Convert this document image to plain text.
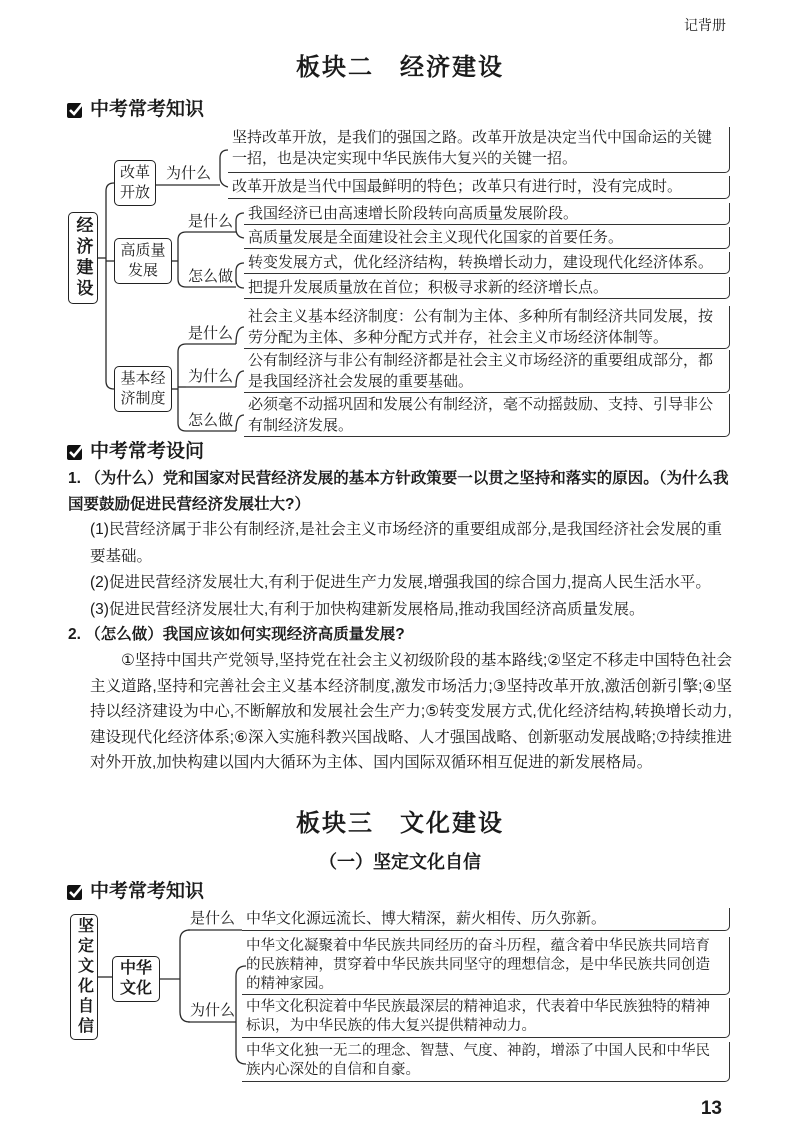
记背册
板块二　经济建设
中考常考知识
经济建设
改革开放
为什么
坚持改革开放，是我们的强国之路。改革开放是决定当代中国命运的关键一招，也是决定实现中华民族伟大复兴的关键一招。
改革开放是当代中国最鲜明的特色；改革只有进行时，没有完成时。
高质量发展
是什么
怎么做
我国经济已由高速增长阶段转向高质量发展阶段。
高质量发展是全面建设社会主义现代化国家的首要任务。
转变发展方式，优化经济结构，转换增长动力，建设现代化经济体系。
把提升发展质量放在首位；积极寻求新的经济增长点。
基本经济制度
是什么
为什么
怎么做
社会主义基本经济制度：公有制为主体、多种所有制经济共同发展，按劳分配为主体、多种分配方式并存，社会主义市场经济体制等。
公有制经济与非公有制经济都是社会主义市场经济的重要组成部分，都是我国经济社会发展的重要基础。
必须毫不动摇巩固和发展公有制经济，毫不动摇鼓励、支持、引导非公有制经济发展。
中考常考设问
1. （为什么）党和国家对民营经济发展的基本方针政策要一以贯之坚持和落实的原因。（为什么我国要鼓励促进民营经济发展壮大?）

(1)民营经济属于非公有制经济,是社会主义市场经济的重要组成部分,是我国经济社会发展的重要基础。

(2)促进民营经济发展壮大,有利于促进生产力发展,增强我国的综合国力,提高人民生活水平。

(3)促进民营经济发展壮大,有利于加快构建新发展格局,推动我国经济高质量发展。

2. （怎么做）我国应该如何实现经济高质量发展?
①坚持中国共产党领导,坚持党在社会主义初级阶段的基本路线;②坚定不移走中国特色社会主义道路,坚持和完善社会主义基本经济制度,激发市场活力;③坚持改革开放,激活创新引擎;④坚持以经济建设为中心,不断解放和发展社会生产力;⑤转变发展方式,优化经济结构,转换增长动力,建设现代化经济体系;⑥深入实施科教兴国战略、人才强国战略、创新驱动发展战略;⑦持续推进对外开放,加快构建以国内大循环为主体、国内国际双循环相互促进的新发展格局。
板块三　文化建设
（一）坚定文化自信
中考常考知识
坚定文化自信	中华文化
是什么
为什么
中华文化源远流长、博大精深，薪火相传、历久弥新。
中华文化凝聚着中华民族共同经历的奋斗历程，蕴含着中华民族共同培育的民族精神，贯穿着中华民族共同坚守的理想信念，是中华民族共同创造的精神家园。
中华文化积淀着中华民族最深层的精神追求，代表着中华民族独特的精神标识，为中华民族的伟大复兴提供精神动力。
中华文化独一无二的理念、智慧、气度、神韵，增添了中国人民和中华民族内心深处的自信和自豪。
13
